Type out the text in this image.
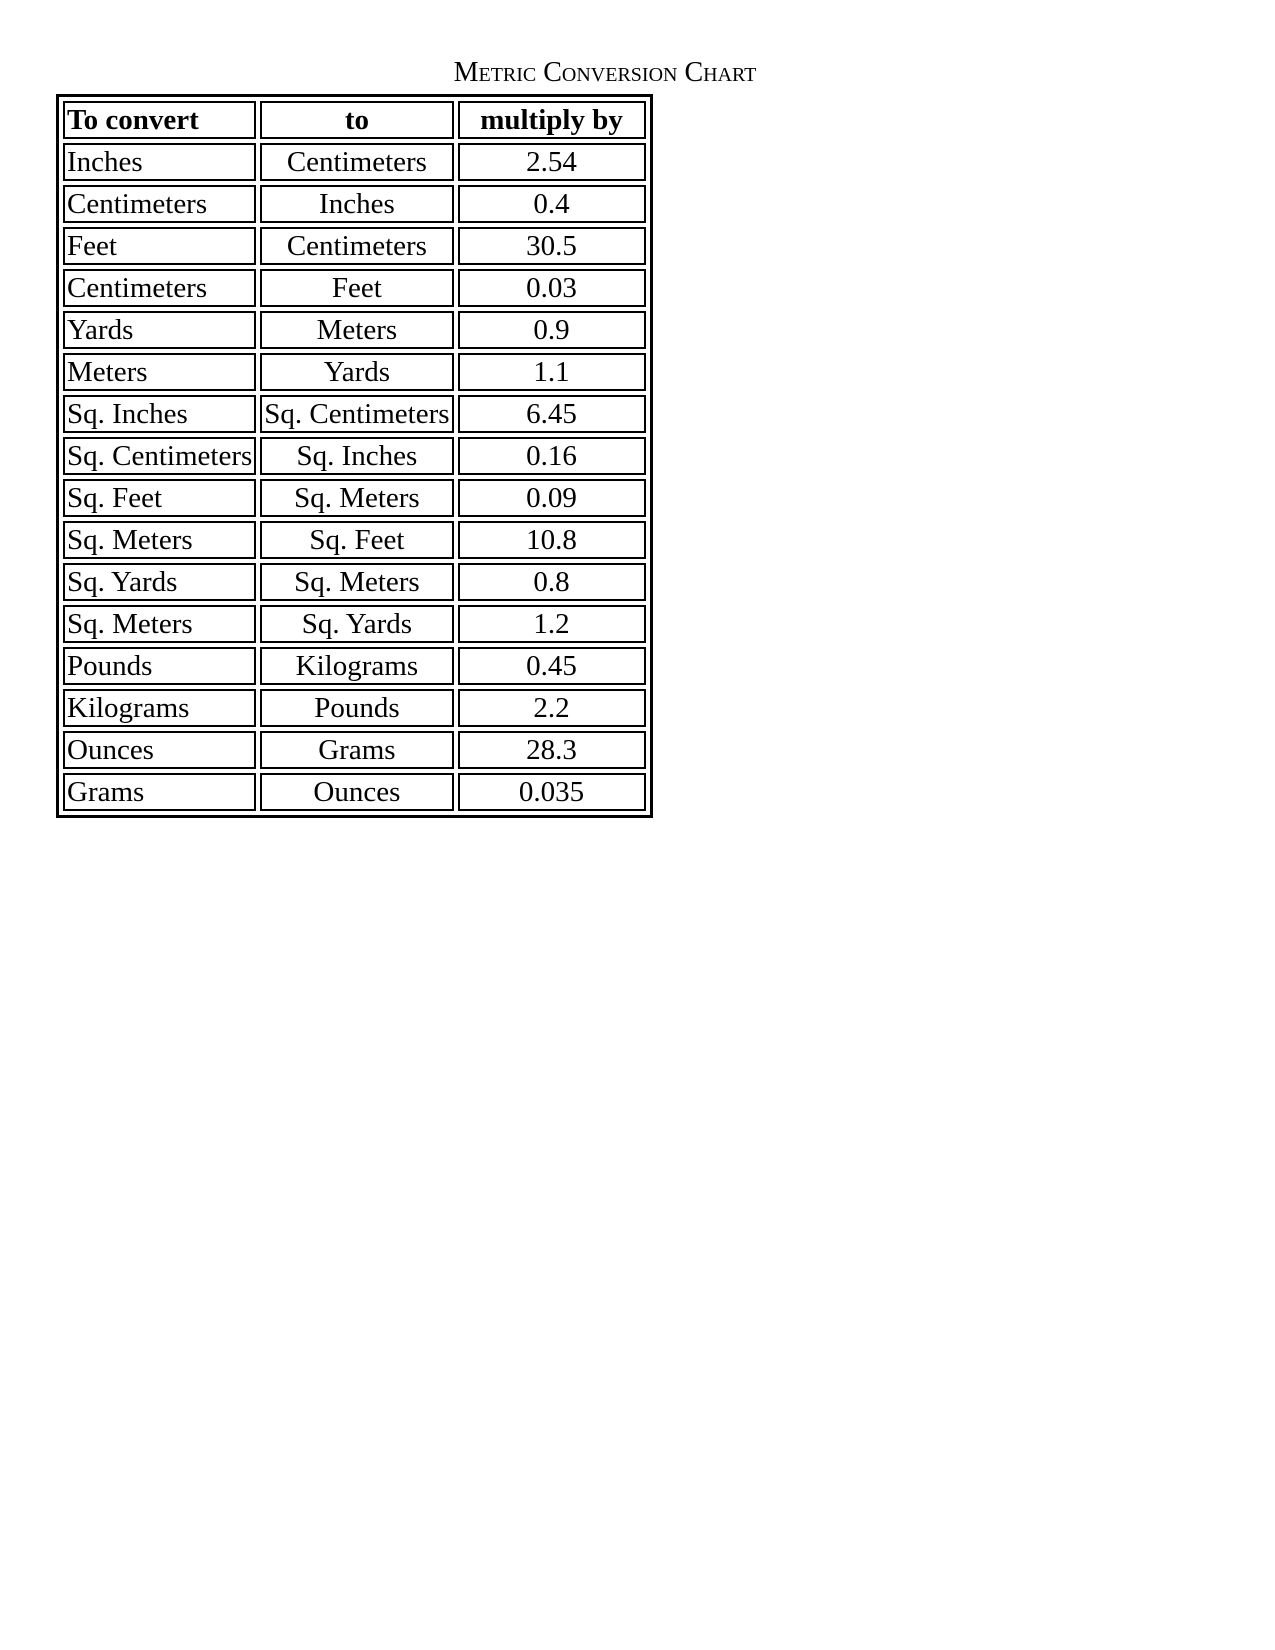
Metric Conversion Chart
To convert	to	multiply by
Inches	Centimeters	2.54
Centimeters	Inches	0.4
Feet	Centimeters	30.5
Centimeters	Feet	0.03
Yards	Meters	0.9
Meters	Yards	1.1
Sq. Inches	Sq. Centimeters	6.45
Sq. Centimeters	Sq. Inches	0.16
Sq. Feet	Sq. Meters	0.09
Sq. Meters	Sq. Feet	10.8
Sq. Yards	Sq. Meters	0.8
Sq. Meters	Sq. Yards	1.2
Pounds	Kilograms	0.45
Kilograms	Pounds	2.2
Ounces	Grams	28.3
Grams	Ounces	0.035
